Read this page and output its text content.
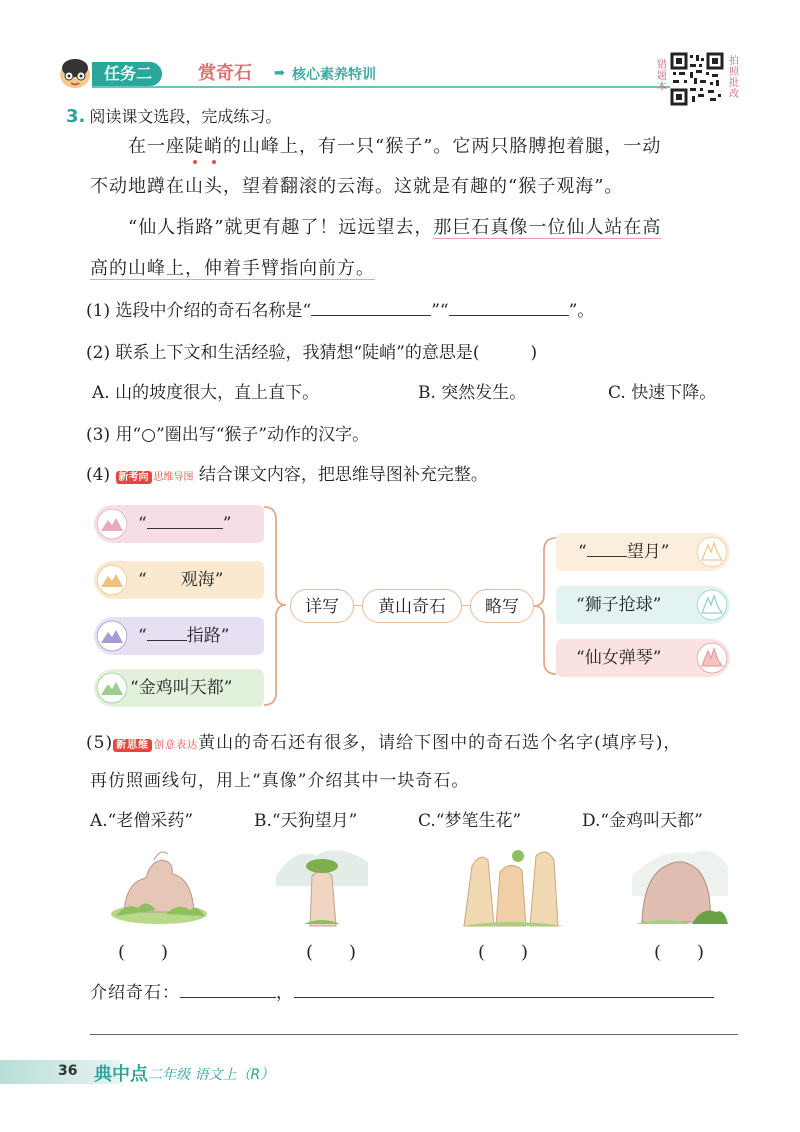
任务二	赏奇石 ➡ 核心素养特训
错题本
拍照批改
3. 阅读课文选段，完成练习。
在一座陡峭的山峰上，有一只“猴子”。它两只胳膊抱着腿，一动
不动地蹲在山头，望着翻滚的云海。这就是有趣的“猴子观海”。
“仙人指路”就更有趣了！远远望去，那巨石真像一位仙人站在高
高的山峰上，伸着手臂指向前方。
(1) 选段中介绍的奇石名称是“	”“	”。
(2) 联系上下文和生活经验，我猜想“陡峭”的意思是(　　　)
A. 山的坡度很大，直上直下。	B. 突然发生。	C. 快速下降。
(3) 用“○”圈出写“猴子”动作的汉字。
(4) 新考向 思维导图 结合课文内容，把思维导图补充完整。
“	”
“　　观海”
“ 指路”
“金鸡叫天都”
详写	黄山奇石	略写
“ 望月”
“狮子抢球”
“仙女弹琴”
(5) 新思维 创意表达黄山的奇石还有很多，请给下图中的奇石选个名字(填序号)，
再仿照画线句，用上“真像”介绍其中一块奇石。
A.“老僧采药”	B.“天狗望月”	C.“梦笔生花”	D.“金鸡叫天都”
(　　)	(　　)	(　　)	(　　)
介绍奇石：	，
36 典中点 二年级 语文上（R）
